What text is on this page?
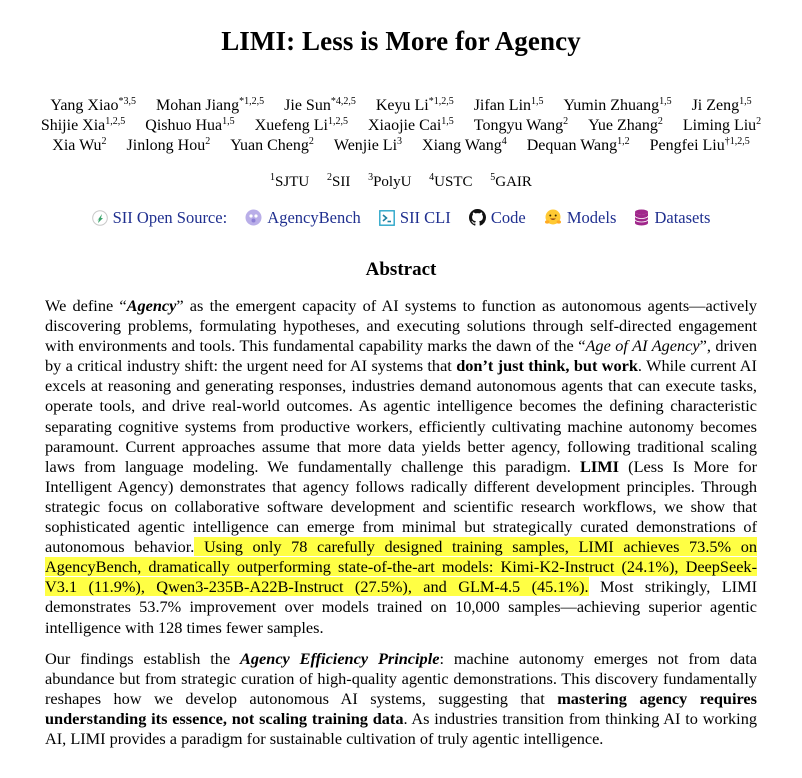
LIMI: Less is More for Agency
Yang Xiao$^{*3,5}$ Mohan Jiang$^{*1,2,5}$ Jie Sun$^{*4,2,5}$ Keyu Li$^{*1,2,5}$ Jifan Lin$^{1,5}$ Yumin Zhuang$^{1,5}$ Ji Zeng$^{1,5}$ Shijie Xia$^{1,2,5}$ Qishuo Hua$^{1,5}$ Xuefeng Li$^{1,2,5}$ Xiaojie Cai$^{1,5}$ Tongyu Wang$^2$ Yue Zhang$^2$ Liming Liu$^2$ Xia Wu$^2$ Jinlong Hou$^2$ Yuan Cheng$^2$ Wenjie Li$^3$ Xiang Wang$^4$ Dequan Wang$^{1,2}$ Pengfei Liu$^{\dagger 1,2,5}$
$^1$SJTU $^2$SII $^3$PolyU $^4$USTC $^5$GAIR
SII Open Source: AgencyBench SII CLI Code Models Datasets
Abstract
We define “Agency” as the emergent capacity of AI systems to function as autonomous agents—actively discovering problems, formulating hypotheses, and executing solutions through self-directed engagement with environments and tools. This fundamental capability marks the dawn of the “Age of AI Agency”, driven by a critical industry shift: the urgent need for AI systems that don’t just think, but work. While current AI excels at reasoning and generating responses, industries demand autonomous agents that can execute tasks, operate tools, and drive real-world outcomes. As agentic intelligence becomes the defining characteristic separating cognitive systems from productive workers, efficiently cultivating machine autonomy becomes paramount. Current approaches assume that more data yields better agency, following traditional scaling laws from language modeling. We fundamentally challenge this paradigm. LIMI (Less Is More for Intelligent Agency) demonstrates that agency follows radically different development principles. Through strategic focus on collaborative software development and scientific research workflows, we show that sophisticated agentic intelligence can emerge from minimal but strategically curated demonstrations of autonomous behavior. Using only 78 carefully designed training samples, LIMI achieves 73.5% on AgencyBench, dramatically outperforming state-of-the-art models: Kimi-K2-Instruct (24.1%), DeepSeek-V3.1 (11.9%), Qwen3-235B-A22B-Instruct (27.5%), and GLM-4.5 (45.1%). Most strikingly, LIMI demonstrates 53.7% improvement over models trained on 10,000 samples—achieving superior agentic intelligence with 128 times fewer samples.
Our findings establish the Agency Efficiency Principle: machine autonomy emerges not from data abundance but from strategic curation of high-quality agentic demonstrations. This discovery fundamentally reshapes how we develop autonomous AI systems, suggesting that mastering agency requires understanding its essence, not scaling training data. As industries transition from thinking AI to working AI, LIMI provides a paradigm for sustainable cultivation of truly agentic intelligence.
